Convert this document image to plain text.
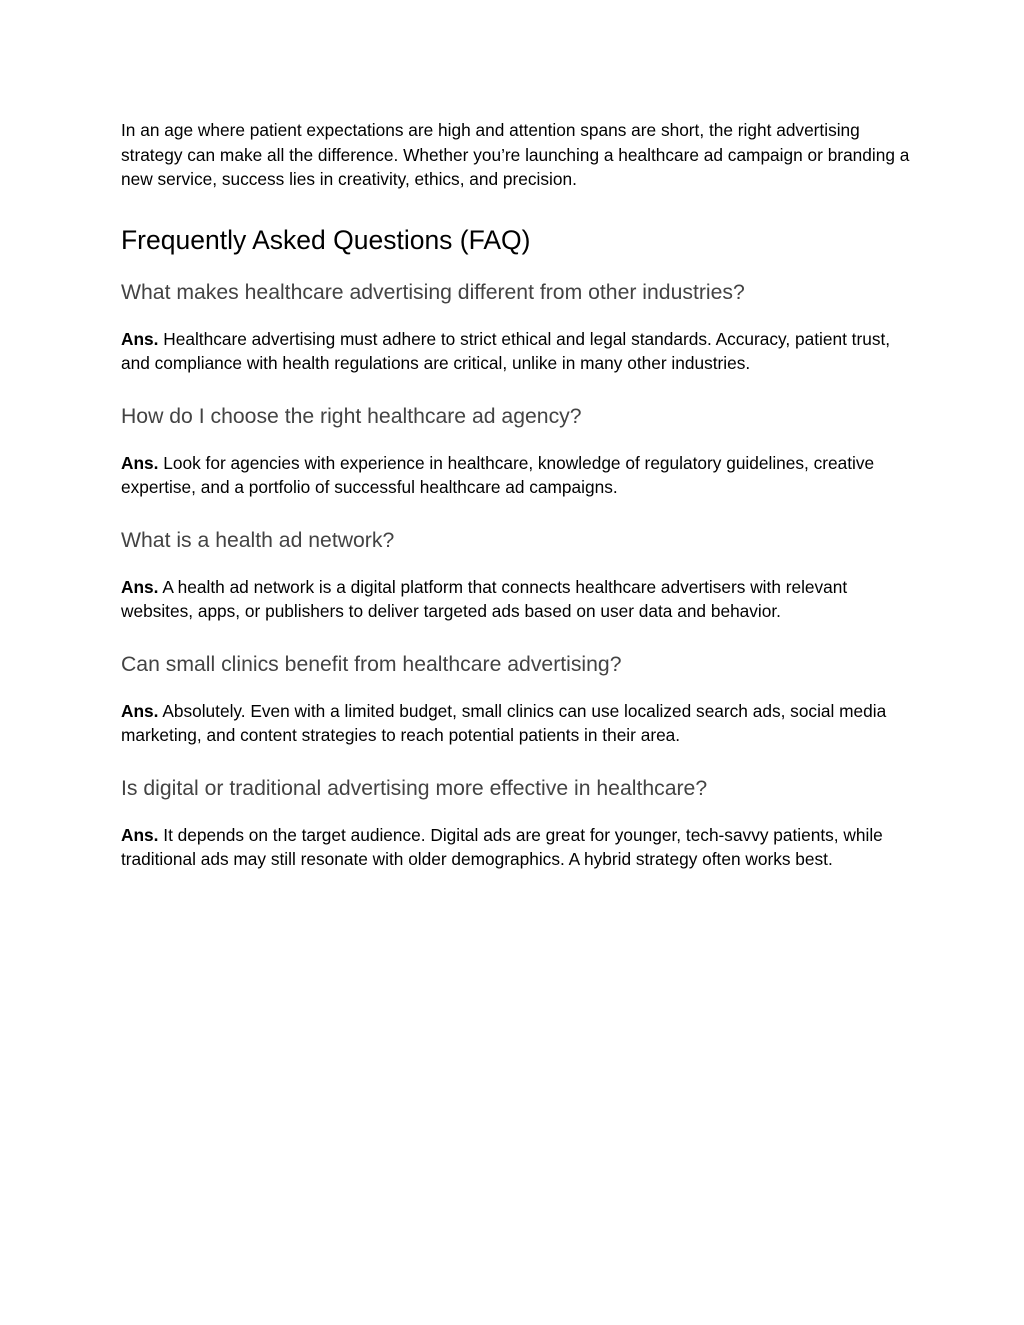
In an age where patient expectations are high and attention spans are short, the right advertising strategy can make all the difference. Whether you’re launching a healthcare ad campaign or branding a new service, success lies in creativity, ethics, and precision.

Frequently Asked Questions (FAQ)
What makes healthcare advertising different from other industries?

Ans. Healthcare advertising must adhere to strict ethical and legal standards. Accuracy, patient trust, and compliance with health regulations are critical, unlike in many other industries.

How do I choose the right healthcare ad agency?

Ans. Look for agencies with experience in healthcare, knowledge of regulatory guidelines, creative expertise, and a portfolio of successful healthcare ad campaigns.

What is a health ad network?

Ans. A health ad network is a digital platform that connects healthcare advertisers with relevant websites, apps, or publishers to deliver targeted ads based on user data and behavior.

Can small clinics benefit from healthcare advertising?

Ans. Absolutely. Even with a limited budget, small clinics can use localized search ads, social media marketing, and content strategies to reach potential patients in their area.

Is digital or traditional advertising more effective in healthcare?

Ans. It depends on the target audience. Digital ads are great for younger, tech-savvy patients, while traditional ads may still resonate with older demographics. A hybrid strategy often works best.
